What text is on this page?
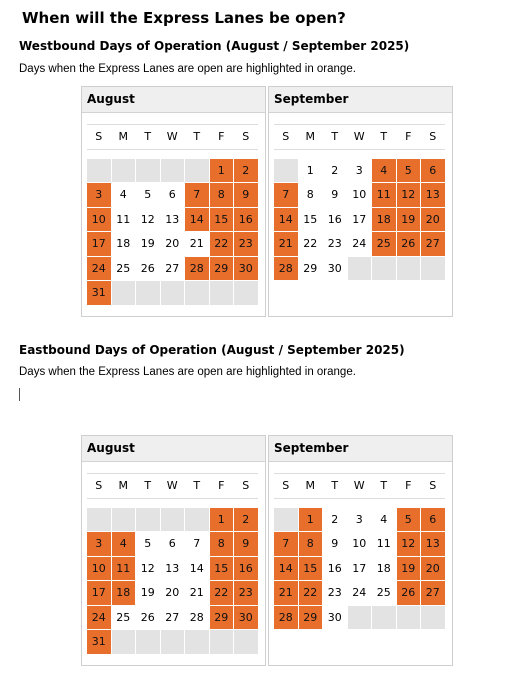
When will the Express Lanes be open?
Westbound Days of Operation (August / September 2025)
Days when the Express Lanes are open are highlighted in orange.
August
S	M	T	W	T	F	S

					1	2
3	4	5	6	7	8	9
10	11	12	13	14	15	16
17	18	19	20	21	22	23
24	25	26	27	28	29	30
31						
September
S	M	T	W	T	F	S

	1	2	3	4	5	6
7	8	9	10	11	12	13
14	15	16	17	18	19	20
21	22	23	24	25	26	27
28	29	30				
Eastbound Days of Operation (August / September 2025)
Days when the Express Lanes are open are highlighted in orange.
August
S	M	T	W	T	F	S

					1	2
3	4	5	6	7	8	9
10	11	12	13	14	15	16
17	18	19	20	21	22	23
24	25	26	27	28	29	30
31						
September
S	M	T	W	T	F	S

	1	2	3	4	5	6
7	8	9	10	11	12	13
14	15	16	17	18	19	20
21	22	23	24	25	26	27
28	29	30				
